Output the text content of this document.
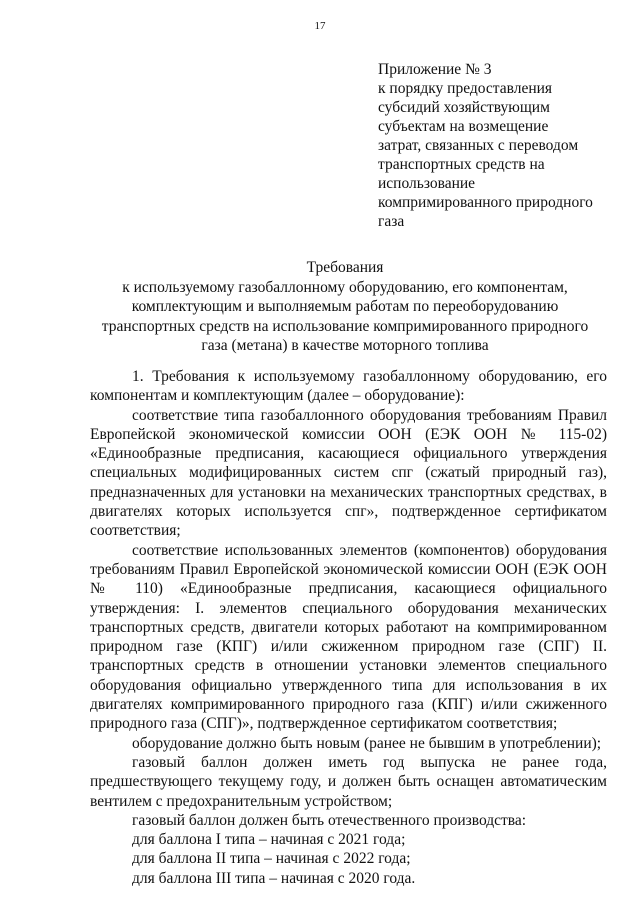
17
Приложение № 3
к порядку предоставления
субсидий хозяйствующим
субъектам на возмещение
затрат, связанных с переводом
транспортных средств на
использование
компримированного природного
газа
Требования
к используемому газобаллонному оборудованию, его компонентам,
комплектующим и выполняемым работам по переоборудованию
транспортных средств на использование компримированного природного
газа (метана) в качестве моторного топлива

1. Требования к используемому газобаллонному оборудованию, его компонентам и комплектующим (далее – оборудование):

соответствие типа газобаллонного оборудования требованиям Правил Европейской экономической комиссии ООН (ЕЭК ООН № 115-02) «Единообразные предписания, касающиеся официального утверждения специальных модифицированных систем спг (сжатый природный газ), предназначенных для установки на механических транспортных средствах, в двигателях которых используется спг», подтвержденное сертификатом соответствия;

соответствие использованных элементов (компонентов) оборудования требованиям Правил Европейской экономической комиссии ООН (ЕЭК ООН № 110) «Единообразные предписания, касающиеся официального утверждения: I. элементов специального оборудования механических транспортных средств, двигатели которых работают на компримированном природном газе (КПГ) и/или сжиженном природном газе (СПГ) II. транспортных средств в отношении установки элементов специального оборудования официально утвержденного типа для использования в их двигателях компримированного природного газа (КПГ) и/или сжиженного природного газа (СПГ)», подтвержденное сертификатом соответствия;

оборудование должно быть новым (ранее не бывшим в употреблении);

газовый баллон должен иметь год выпуска не ранее года, предшествующего текущему году, и должен быть оснащен автоматическим вентилем с предохранительным устройством;

газовый баллон должен быть отечественного производства:

для баллона I типа – начиная с 2021 года;

для баллона II типа – начиная с 2022 года;

для баллона III типа – начиная с 2020 года.
